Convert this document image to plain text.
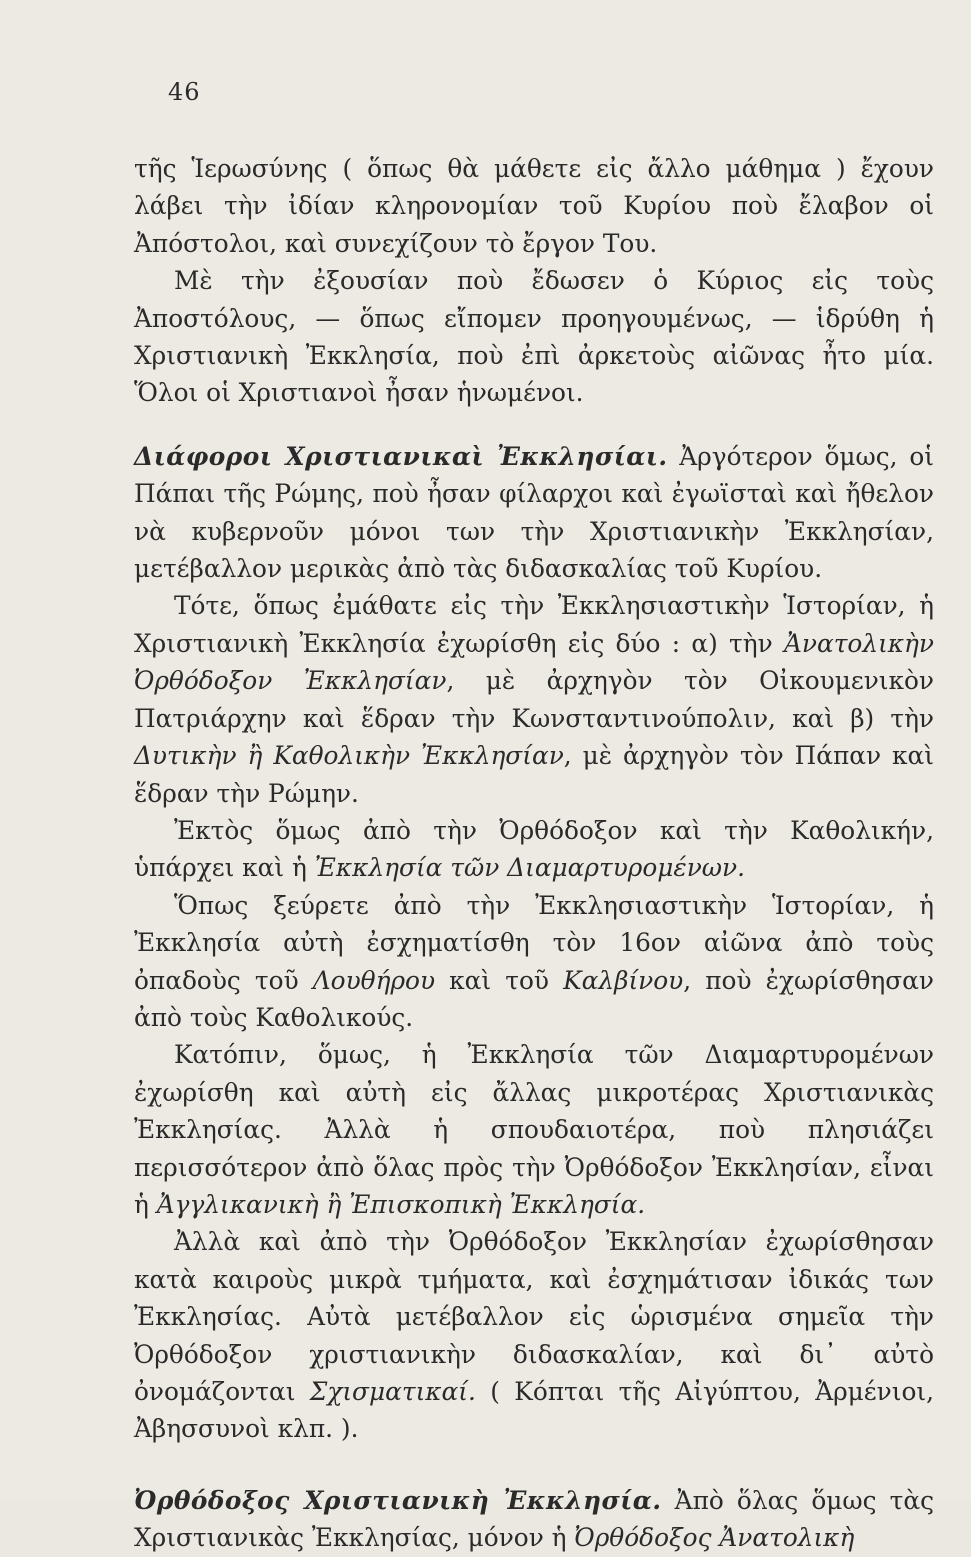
46

τῆς Ἱερωσύνης ( ὅπως θὰ μάθετε εἰς ἄλλο μάθημα ) ἔχουν λάβει τὴν ἰδίαν κληρονομίαν τοῦ Κυρίου ποὺ ἔλαβον οἱ Ἀπόστολοι, καὶ συνεχίζουν τὸ ἔργον Του.

Μὲ τὴν ἐξουσίαν ποὺ ἔδωσεν ὁ Κύριος εἰς τοὺς Ἀποστόλους, — ὅπως εἴπομεν προηγουμένως, — ἱδρύθη ἡ Χριστιανικὴ Ἐκκλησία, ποὺ ἐπὶ ἀρκετοὺς αἰῶνας ἦτο μία. Ὅλοι οἱ Χριστιανοὶ ἦσαν ἡνωμένοι.

Διάφοροι Χριστιανικαὶ Ἐκκλησίαι. Ἀργότερον ὅμως, οἱ Πάπαι τῆς Ρώμης, ποὺ ἦσαν φίλαρχοι καὶ ἐγωϊσταὶ καὶ ἤθελον νὰ κυβερνοῦν μόνοι των τὴν Χριστιανικὴν Ἐκκλησίαν, μετέβαλλον μερικὰς ἀπὸ τὰς διδασκαλίας τοῦ Κυρίου.

Τότε, ὅπως ἐμάθατε εἰς τὴν Ἐκκλησιαστικὴν Ἱστορίαν, ἡ Χριστιανικὴ Ἐκκλησία ἐχωρίσθη εἰς δύο : α) τὴν Ἀνατολικὴν Ὀρθόδοξον Ἐκκλησίαν, μὲ ἀρχηγὸν τὸν Οἰκουμενικὸν Πατριάρχην καὶ ἕδραν τὴν Κωνσταντινούπολιν, καὶ β) τὴν Δυτικὴν ἢ Καθολικὴν Ἐκκλησίαν, μὲ ἀρχηγὸν τὸν Πάπαν καὶ ἕδραν τὴν Ρώμην.

Ἐκτὸς ὅμως ἀπὸ τὴν Ὀρθόδοξον καὶ τὴν Καθολικήν, ὑπάρχει καὶ ἡ Ἐκκλησία τῶν Διαμαρτυρομένων.

Ὅπως ξεύρετε ἀπὸ τὴν Ἐκκλησιαστικὴν Ἱστορίαν, ἡ Ἐκκλησία αὐτὴ ἐσχηματίσθη τὸν 16ον αἰῶνα ἀπὸ τοὺς ὀπαδοὺς τοῦ Λουθήρου καὶ τοῦ Καλβίνου, ποὺ ἐχωρίσθησαν ἀπὸ τοὺς Καθολικούς.

Κατόπιν, ὅμως, ἡ Ἐκκλησία τῶν Διαμαρτυρομένων ἐχωρίσθη καὶ αὐτὴ εἰς ἄλλας μικροτέρας Χριστιανικὰς Ἐκκλησίας. Ἀλλὰ ἡ σπουδαιοτέρα, ποὺ πλησιάζει περισσότερον ἀπὸ ὅλας πρὸς τὴν Ὀρθόδοξον Ἐκκλησίαν, εἶναι ἡ Ἀγγλικανικὴ ἢ Ἐπισκοπικὴ Ἐκκλησία.

Ἀλλὰ καὶ ἀπὸ τὴν Ὀρθόδοξον Ἐκκλησίαν ἐχωρίσθησαν κατὰ καιροὺς μικρὰ τμήματα, καὶ ἐσχημάτισαν ἰδικάς των Ἐκκλησίας. Αὐτὰ μετέβαλλον εἰς ὡρισμένα σημεῖα τὴν Ὀρθόδοξον χριστιανικὴν διδασκαλίαν, καὶ δι᾽ αὐτὸ ὀνομάζονται Σχισματικαί. ( Κόπται τῆς Αἰγύπτου, Ἀρμένιοι, Ἀβησσυνοὶ κλπ. ).

Ὀρθόδοξος Χριστιανικὴ Ἐκκλησία. Ἀπὸ ὅλας ὅμως τὰς Χριστιανικὰς Ἐκκλησίας, μόνον ἡ Ὀρθόδοξος Ἀνατολικὴ
